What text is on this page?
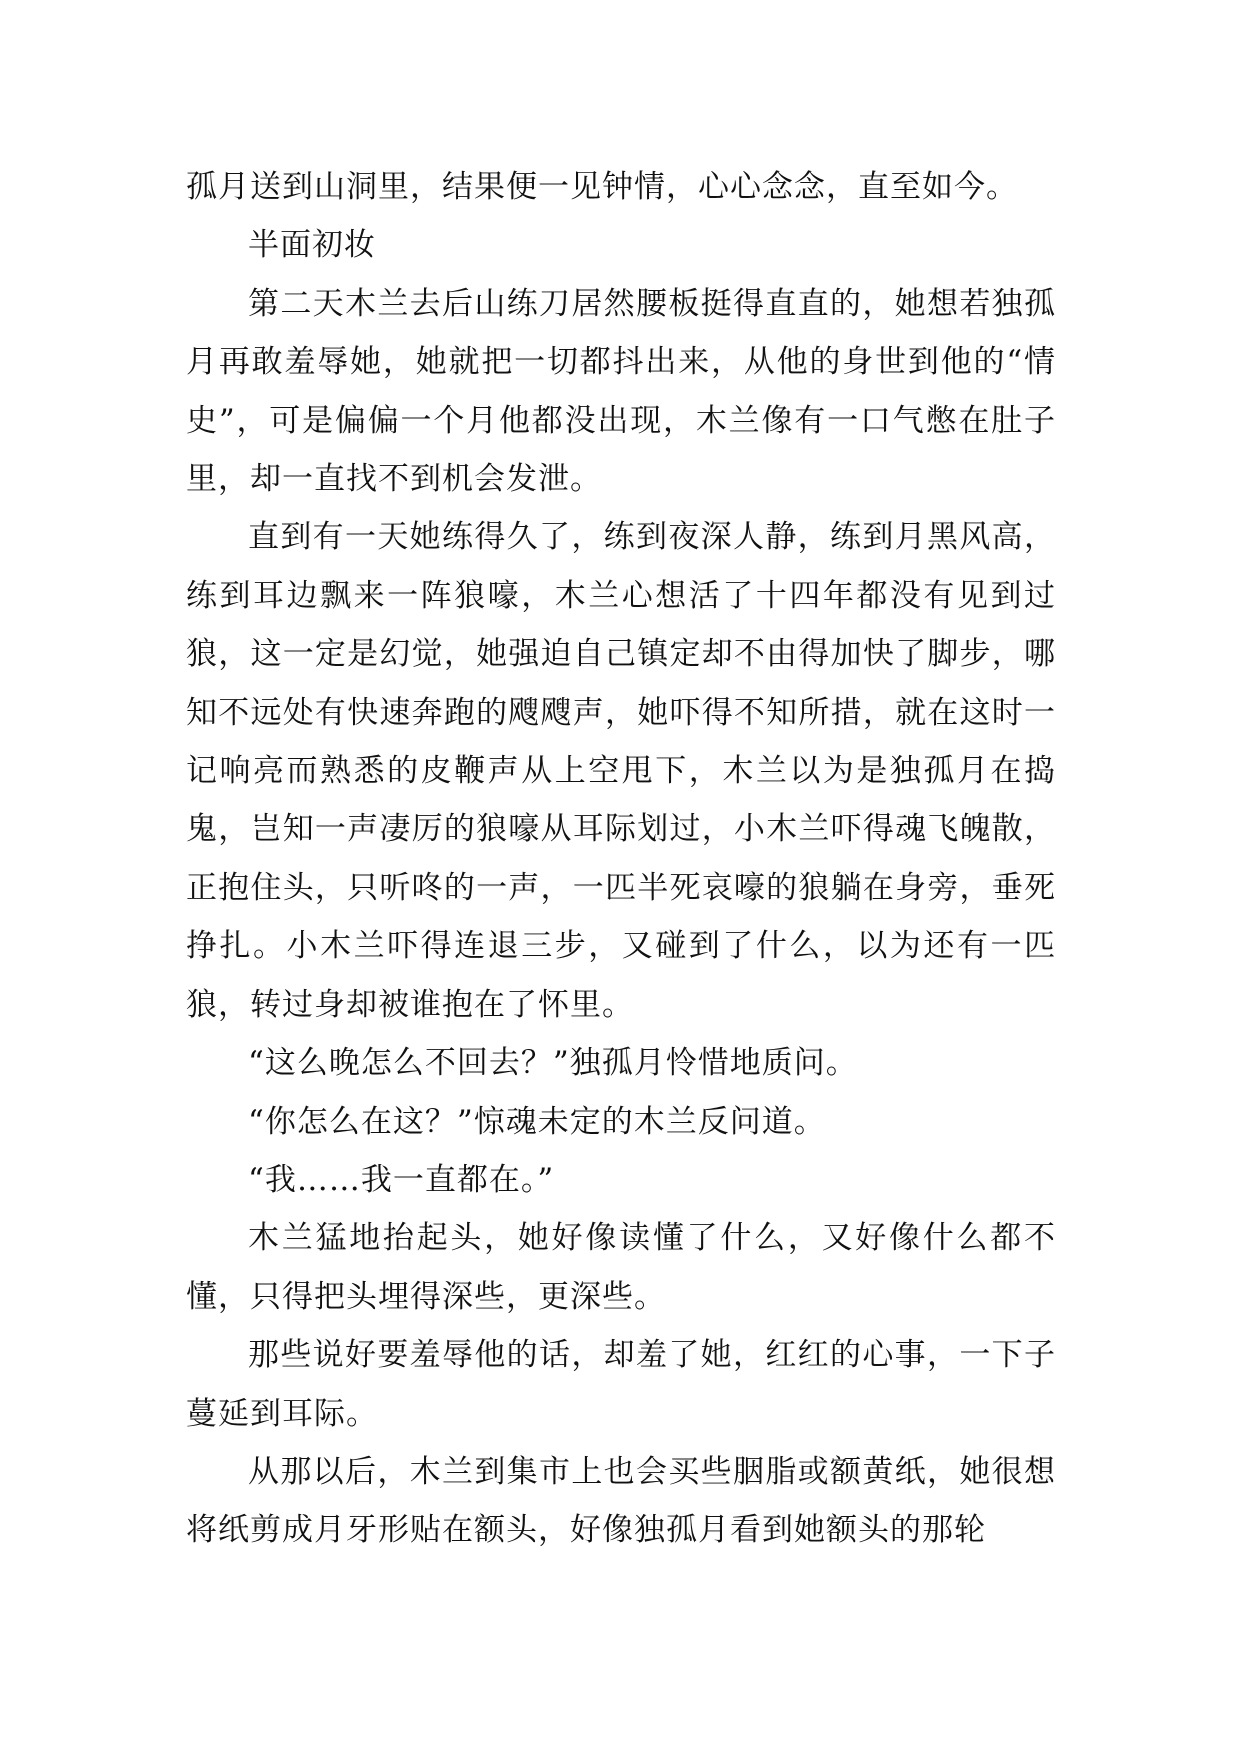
孤月送到山洞里，结果便一见钟情，心心念念，直至如今。

半面初妆

第二天木兰去后山练刀居然腰板挺得直直的，她想若独孤月再敢羞辱她，她就把一切都抖出来，从他的身世到他的“情史”，可是偏偏一个月他都没出现，木兰像有一口气憋在肚子里，却一直找不到机会发泄。

直到有一天她练得久了，练到夜深人静，练到月黑风高，练到耳边飘来一阵狼嚎，木兰心想活了十四年都没有见到过狼，这一定是幻觉，她强迫自己镇定却不由得加快了脚步，哪知不远处有快速奔跑的飕飕声，她吓得不知所措，就在这时一记响亮而熟悉的皮鞭声从上空甩下，木兰以为是独孤月在捣鬼，岂知一声凄厉的狼嚎从耳际划过，小木兰吓得魂飞魄散，正抱住头，只听咚的一声，一匹半死哀嚎的狼躺在身旁，垂死挣扎。小木兰吓得连退三步，又碰到了什么，以为还有一匹狼，转过身却被谁抱在了怀里。

“这么晚怎么不回去？”独孤月怜惜地质问。

“你怎么在这？”惊魂未定的木兰反问道。

“我……我一直都在。”

木兰猛地抬起头，她好像读懂了什么，又好像什么都不懂，只得把头埋得深些，更深些。

那些说好要羞辱他的话，却羞了她，红红的心事，一下子蔓延到耳际。

从那以后，木兰到集市上也会买些胭脂或额黄纸，她很想将纸剪成月牙形贴在额头，好像独孤月看到她额头的那轮
